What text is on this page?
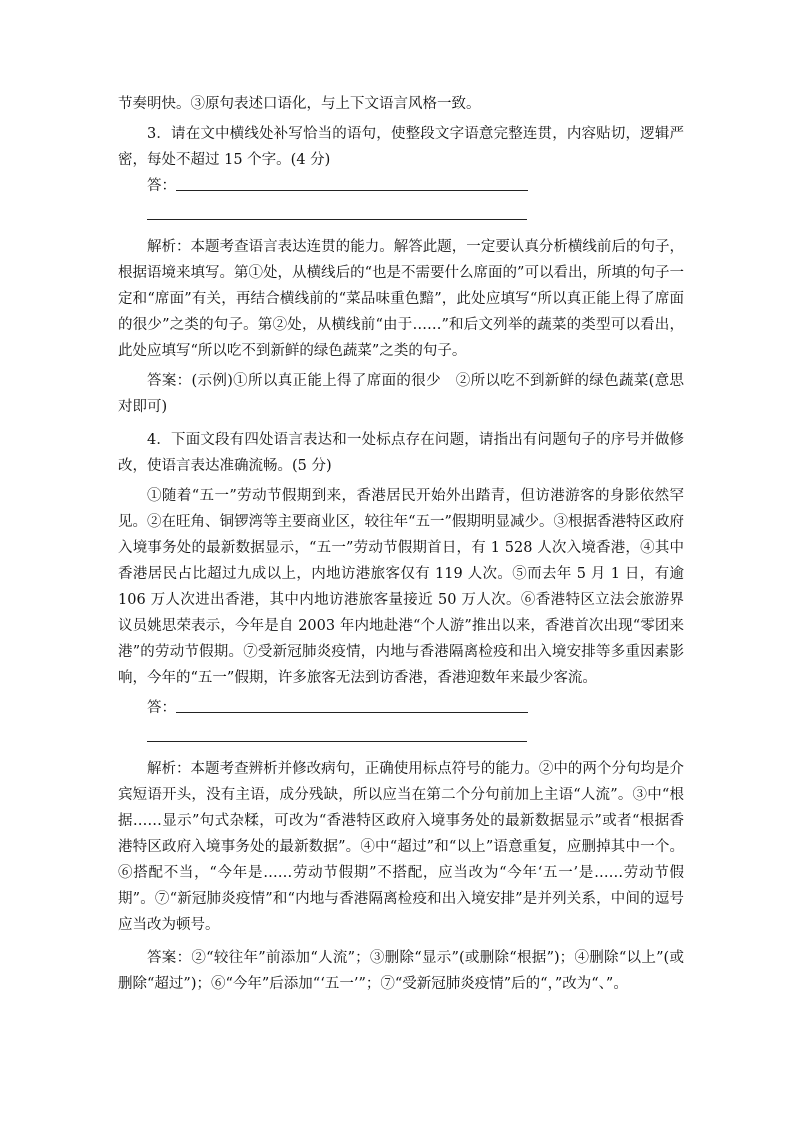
节奏明快。③原句表述口语化，与上下文语言风格一致。

3．请在文中横线处补写恰当的语句，使整段文字语意完整连贯，内容贴切，逻辑严密，每处不超过 15 个字。(4 分)

答：

解析：本题考查语言表达连贯的能力。解答此题，一定要认真分析横线前后的句子，根据语境来填写。第①处，从横线后的“也是不需要什么席面的”可以看出，所填的句子一定和“席面”有关，再结合横线前的“菜品味重色黯”，此处应填写“所以真正能上得了席面的很少”之类的句子。第②处，从横线前“由于……”和后文列举的蔬菜的类型可以看出，此处应填写“所以吃不到新鲜的绿色蔬菜”之类的句子。

答案：(示例)①所以真正能上得了席面的很少　②所以吃不到新鲜的绿色蔬菜(意思对即可)

4．下面文段有四处语言表达和一处标点存在问题，请指出有问题句子的序号并做修改，使语言表达准确流畅。(5 分)

①随着“五一”劳动节假期到来，香港居民开始外出踏青，但访港游客的身影依然罕见。②在旺角、铜锣湾等主要商业区，较往年“五一”假期明显减少。③根据香港特区政府入境事务处的最新数据显示，“五一”劳动节假期首日，有 1 528 人次入境香港，④其中香港居民占比超过九成以上，内地访港旅客仅有 119 人次。⑤而去年 5 月 1 日，有逾 106 万人次进出香港，其中内地访港旅客量接近 50 万人次。⑥香港特区立法会旅游界议员姚思荣表示，今年是自 2003 年内地赴港“个人游”推出以来，香港首次出现“零团来港”的劳动节假期。⑦受新冠肺炎疫情，内地与香港隔离检疫和出入境安排等多重因素影响，今年的“五一”假期，许多旅客无法到访香港，香港迎数年来最少客流。

答：

解析：本题考查辨析并修改病句，正确使用标点符号的能力。②中的两个分句均是介宾短语开头，没有主语，成分残缺，所以应当在第二个分句前加上主语“人流”。③中“根据……显示”句式杂糅，可改为“香港特区政府入境事务处的最新数据显示”或者“根据香港特区政府入境事务处的最新数据”。④中“超过”和“以上”语意重复，应删掉其中一个。⑥搭配不当，“今年是……劳动节假期”不搭配，应当改为“今年‘五一’是……劳动节假期”。⑦“新冠肺炎疫情”和“内地与香港隔离检疫和出入境安排”是并列关系，中间的逗号应当改为顿号。

答案：②“较往年”前添加“人流”；③删除“显示”(或删除“根据”)；④删除“以上”(或删除“超过”)；⑥“今年”后添加“‘五一’”；⑦“受新冠肺炎疫情”后的“，”改为“、”。
